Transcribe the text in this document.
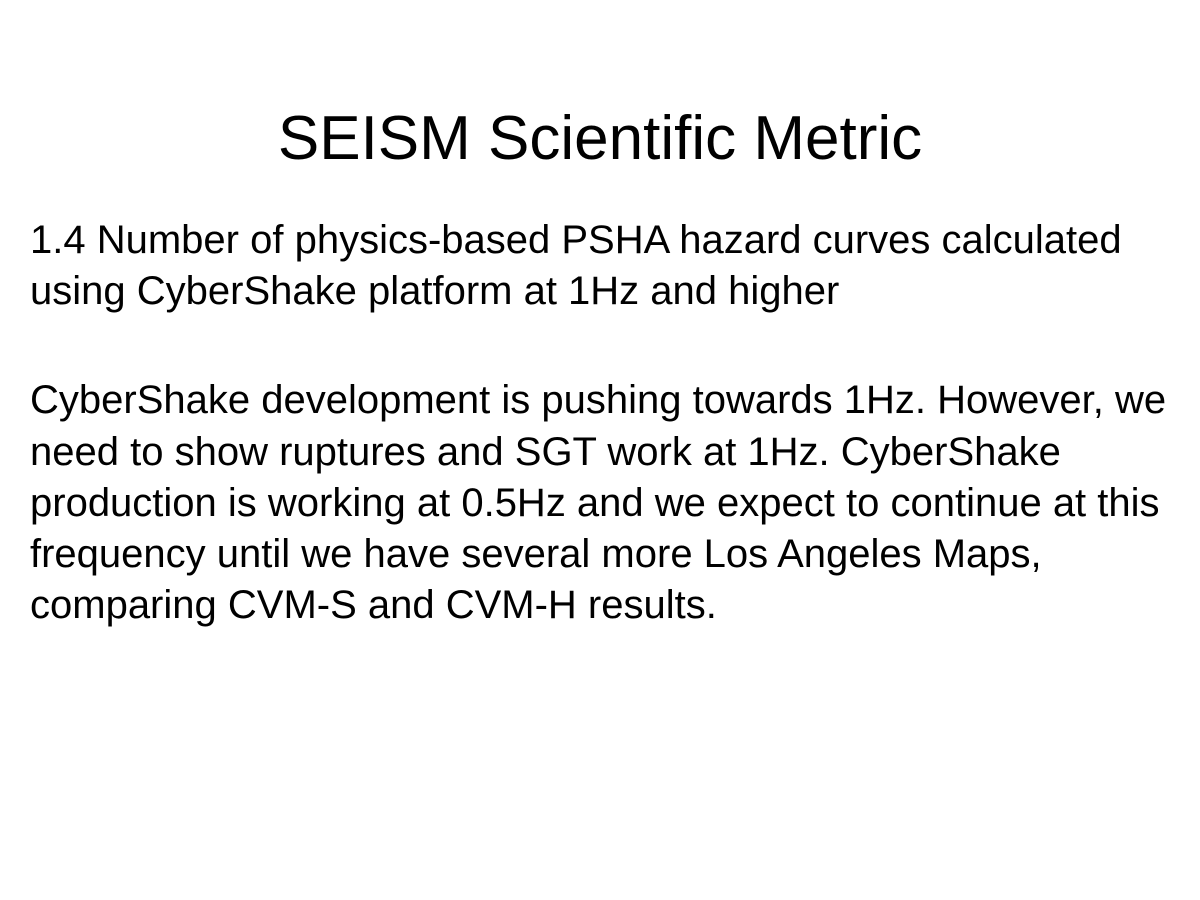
SEISM Scientific Metric

1.4 Number of physics-based PSHA hazard curves calculated using CyberShake platform at 1Hz and higher

CyberShake development is pushing towards 1Hz. However, we need to show ruptures and SGT work at 1Hz. CyberShake production is working at 0.5Hz and we expect to continue at this frequency until we have several more Los Angeles Maps, comparing CVM-S and CVM-H results.
